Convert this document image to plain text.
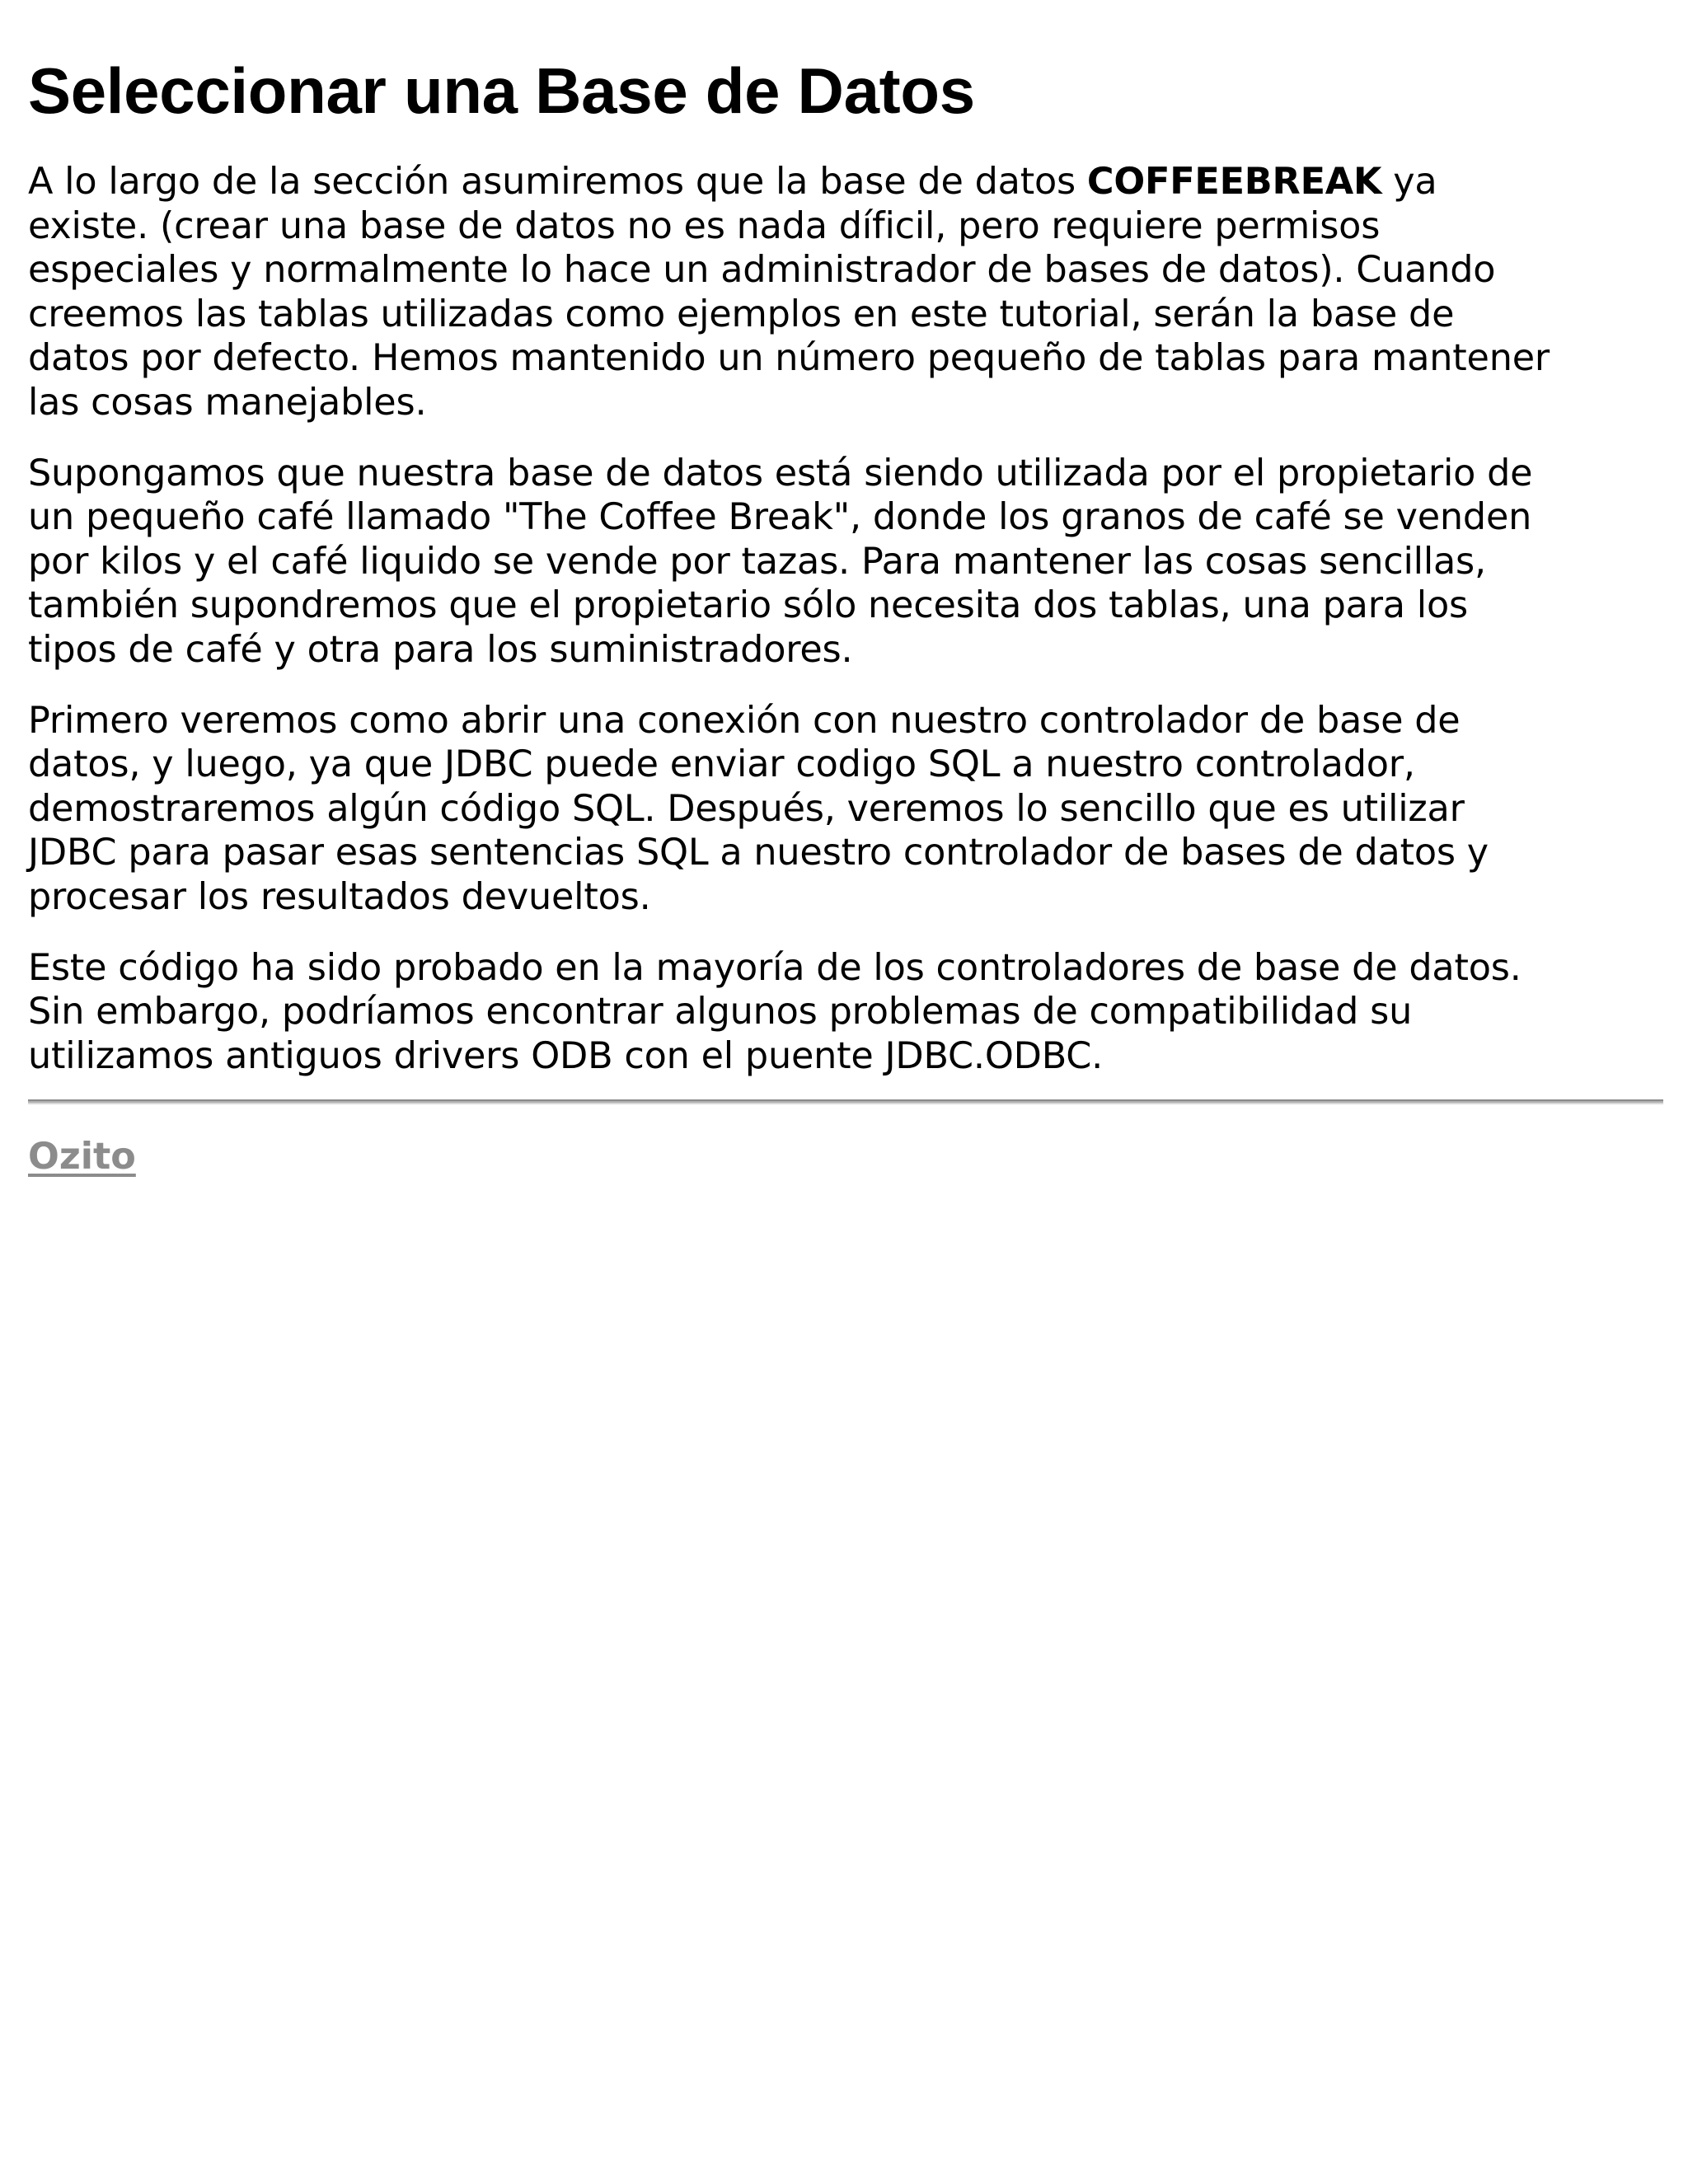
Seleccionar una Base de Datos

A lo largo de la sección asumiremos que la base de datos COFFEEBREAK ya
existe. (crear una base de datos no es nada díficil, pero requiere permisos
especiales y normalmente lo hace un administrador de bases de datos). Cuando
creemos las tablas utilizadas como ejemplos en este tutorial, serán la base de
datos por defecto. Hemos mantenido un número pequeño de tablas para mantener
las cosas manejables.

Supongamos que nuestra base de datos está siendo utilizada por el propietario de
un pequeño café llamado "The Coffee Break", donde los granos de café se venden
por kilos y el café liquido se vende por tazas. Para mantener las cosas sencillas,
también supondremos que el propietario sólo necesita dos tablas, una para los
tipos de café y otra para los suministradores.

Primero veremos como abrir una conexión con nuestro controlador de base de
datos, y luego, ya que JDBC puede enviar codigo SQL a nuestro controlador,
demostraremos algún código SQL. Después, veremos lo sencillo que es utilizar
JDBC para pasar esas sentencias SQL a nuestro controlador de bases de datos y
procesar los resultados devueltos.

Este código ha sido probado en la mayoría de los controladores de base de datos.
Sin embargo, podríamos encontrar algunos problemas de compatibilidad su
utilizamos antiguos drivers ODB con el puente JDBC.ODBC.

Ozito
